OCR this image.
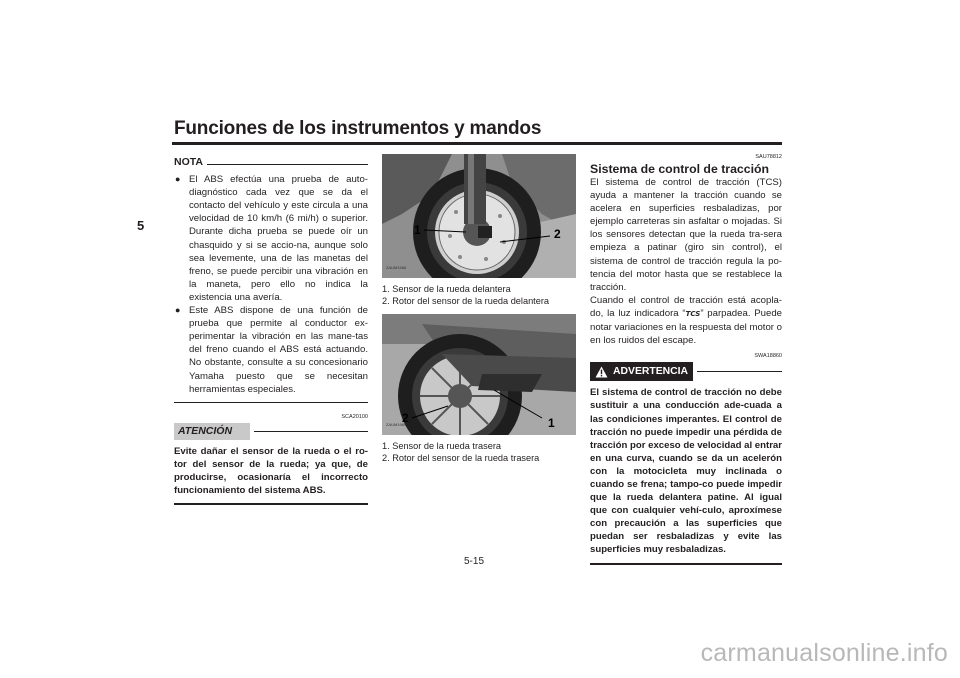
Funciones de los instrumentos y mandos
5
NOTA
● El ABS efectúa una prueba de auto-diagnóstico cada vez que se da el contacto del vehículo y este circula a una velocidad de 10 km/h (6 mi/h) o superior. Durante dicha prueba se puede oír un chasquido y si se accio-na, aunque solo sea levemente, una de las manetas del freno, se puede percibir una vibración en la maneta, pero ello no indica la existencia una avería.
● Este ABS dispone de una función de prueba que permite al conductor ex-perimentar la vibración en las mane-tas del freno cuando el ABS está actuando. No obstante, consulte a su concesionario Yamaha puesto que se necesitan herramientas especiales.
SCA20100
ATENCIÓN
Evite dañar el sensor de la rueda o el ro-tor del sensor de la rueda; ya que, de producirse, ocasionaría el incorrecto funcionamiento del sistema ABS.
1	2
ZAUM1966
1. Sensor de la rueda delantera
2. Rotor del sensor de la rueda delantera
2	1
ZAUM1969
1. Sensor de la rueda trasera
2. Rotor del sensor de la rueda trasera
SAU78812
Sistema de control de tracción
El sistema de control de tracción (TCS) ayuda a mantener la tracción cuando se acelera en superficies resbaladizas, por ejemplo carreteras sin asfaltar o mojadas. Si los sensores detectan que la rueda tra-sera empieza a patinar (giro sin control), el sistema de control de tracción regula la po-tencia del motor hasta que se restablece la tracción.
Cuando el control de tracción está acopla-do, la luz indicadora “TCS” parpadea. Puede notar variaciones en la respuesta del motor o en los ruidos del escape.
SWA18860
ADVERTENCIA
El sistema de control de tracción no debe sustituir a una conducción ade-cuada a las condiciones imperantes. El control de tracción no puede impedir una pérdida de tracción por exceso de velocidad al entrar en una curva, cuando se da un acelerón con la motocicleta muy inclinada o cuando se frena; tampo-co puede impedir que la rueda delantera patine. Al igual que con cualquier vehí-culo, aproxímese con precaución a las superficies que puedan ser resbaladizas y evite las superficies muy resbaladizas.
5-15
carmanualsonline.info
